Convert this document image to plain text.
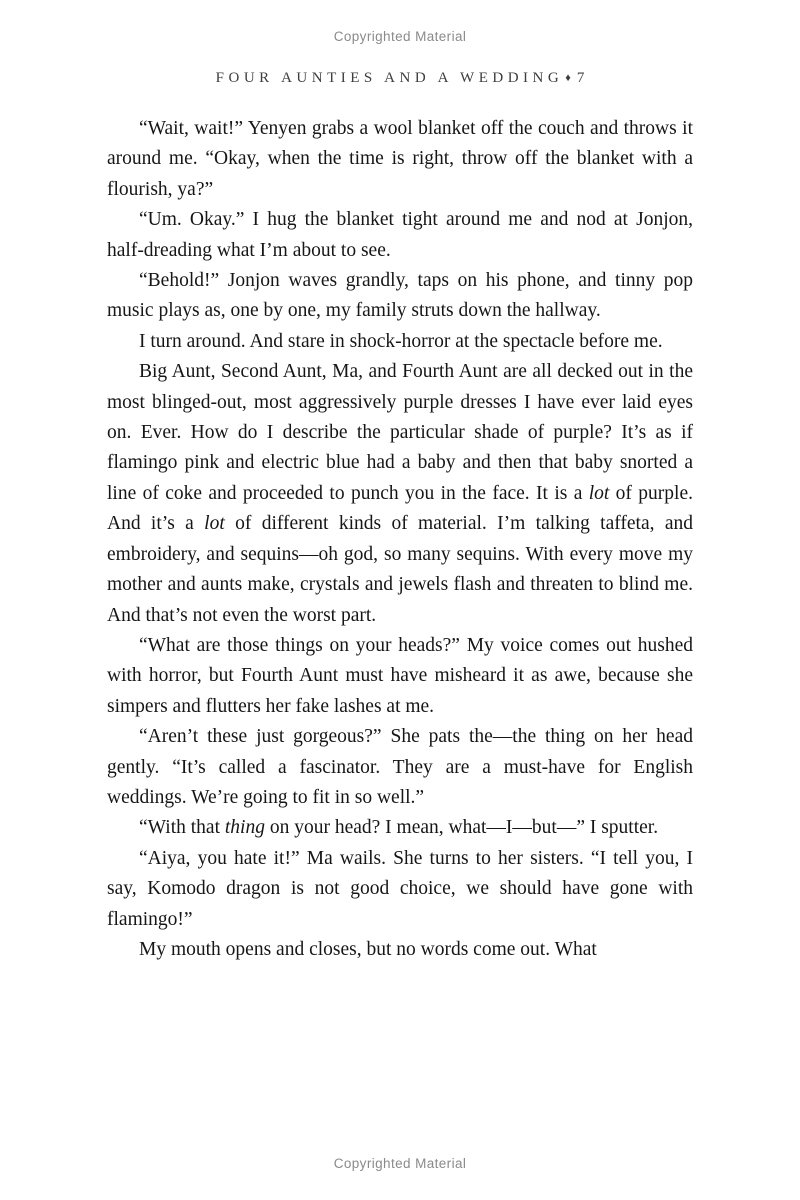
Copyrighted Material
FOUR AUNTIES AND A WEDDING ♦ 7

“Wait, wait!” Yenyen grabs a wool blanket off the couch and throws it around me. “Okay, when the time is right, throw off the blanket with a flourish, ya?”

“Um. Okay.” I hug the blanket tight around me and nod at Jonjon, half-dreading what I’m about to see.

“Behold!” Jonjon waves grandly, taps on his phone, and tinny pop music plays as, one by one, my family struts down the hallway.

I turn around. And stare in shock-horror at the spectacle before me.

Big Aunt, Second Aunt, Ma, and Fourth Aunt are all decked out in the most blinged-out, most aggressively purple dresses I have ever laid eyes on. Ever. How do I describe the particular shade of purple? It’s as if flamingo pink and electric blue had a baby and then that baby snorted a line of coke and proceeded to punch you in the face. It is a lot of purple. And it’s a lot of different kinds of material. I’m talking taffeta, and embroidery, and sequins—oh god, so many sequins. With every move my mother and aunts make, crystals and jewels flash and threaten to blind me. And that’s not even the worst part.

“What are those things on your heads?” My voice comes out hushed with horror, but Fourth Aunt must have misheard it as awe, because she simpers and flutters her fake lashes at me.

“Aren’t these just gorgeous?” She pats the—the thing on her head gently. “It’s called a fascinator. They are a must-have for English weddings. We’re going to fit in so well.”

“With that thing on your head? I mean, what—I—but—” I sputter.

“Aiya, you hate it!” Ma wails. She turns to her sisters. “I tell you, I say, Komodo dragon is not good choice, we should have gone with flamingo!”

My mouth opens and closes, but no words come out. What

Copyrighted Material
